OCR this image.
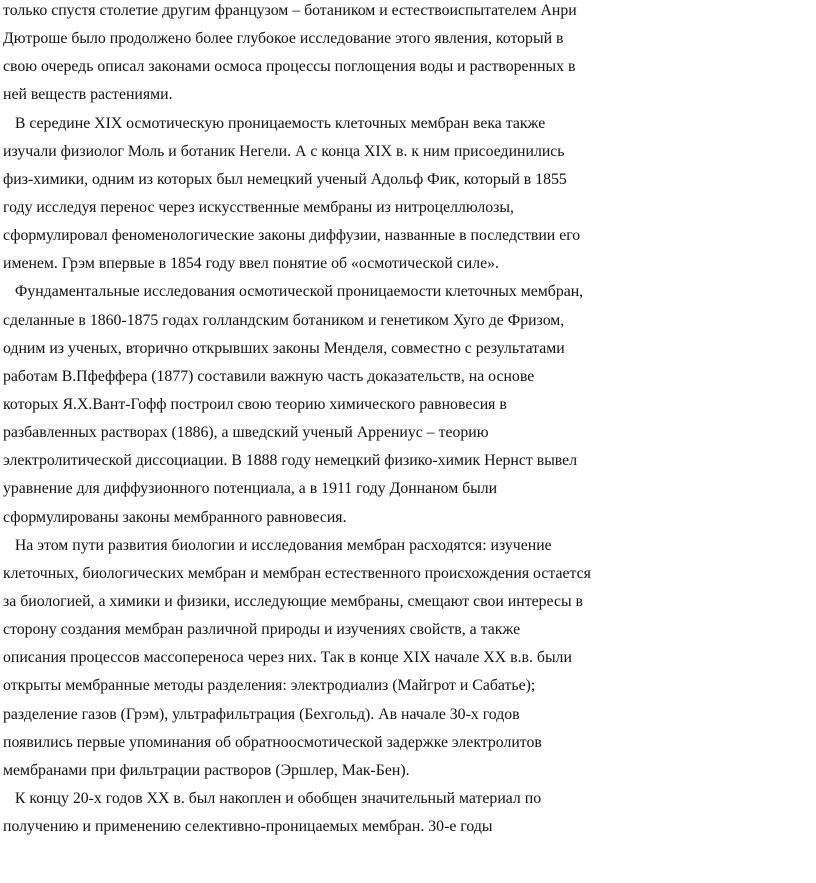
только спустя столетие другим французом – ботаником и естествоиспытателем Анри

Дютроше было продолжено более глубокое исследование этого явления, который в

свою очередь описал законами осмоса процессы поглощения воды и растворенных в

ней веществ растениями.

В середине XIX осмотическую проницаемость клеточных мембран века также

изучали физиолог Моль и ботаник Негели. А с конца XIX в. к ним присоединились

физ-химики, одним из которых был немецкий ученый Адольф Фик, который в 1855

году исследуя перенос через искусственные мембраны из нитроцеллюлозы,

сформулировал феноменологические законы диффузии, названные в последствии его

именем. Грэм впервые в 1854 году ввел понятие об «осмотической силе».

Фундаментальные исследования осмотической проницаемости клеточных мембран,

сделанные в 1860-1875 годах голландским ботаником и генетиком Хуго де Фризом,

одним из ученых, вторично открывших законы Менделя, совместно с результатами

работам В.Пфеффера (1877) составили важную часть доказательств, на основе

которых Я.Х.Вант-Гофф построил свою теорию химического равновесия в

разбавленных растворах (1886), а шведский ученый Аррениус – теорию

электролитической диссоциации. В 1888 году немецкий физико-химик Нернст вывел

уравнение для диффузионного потенциала, а в 1911 году Доннаном были

сформулированы законы мембранного равновесия.

На этом пути развития биологии и исследования мембран расходятся: изучение

клеточных, биологических мембран и мембран естественного происхождения остается

за биологией, а химики и физики, исследующие мембраны, смещают свои интересы в

сторону создания мембран различной природы и изучениях свойств, а также

описания процессов массопереноса через них. Так в конце XIX начале XX в.в. были

открыты мембранные методы разделения: электродиализ (Майгрот и Сабатье);

разделение газов (Грэм), ультрафильтрация (Бехгольд). Ав начале 30-х годов

появились первые упоминания об обратноосмотической задержке электролитов

мембранами при фильтрации растворов (Эршлер, Мак-Бен).

К концу 20-х годов XX в. был накоплен и обобщен значительный материал по

получению и применению селективно-проницаемых мембран. 30-е годы
